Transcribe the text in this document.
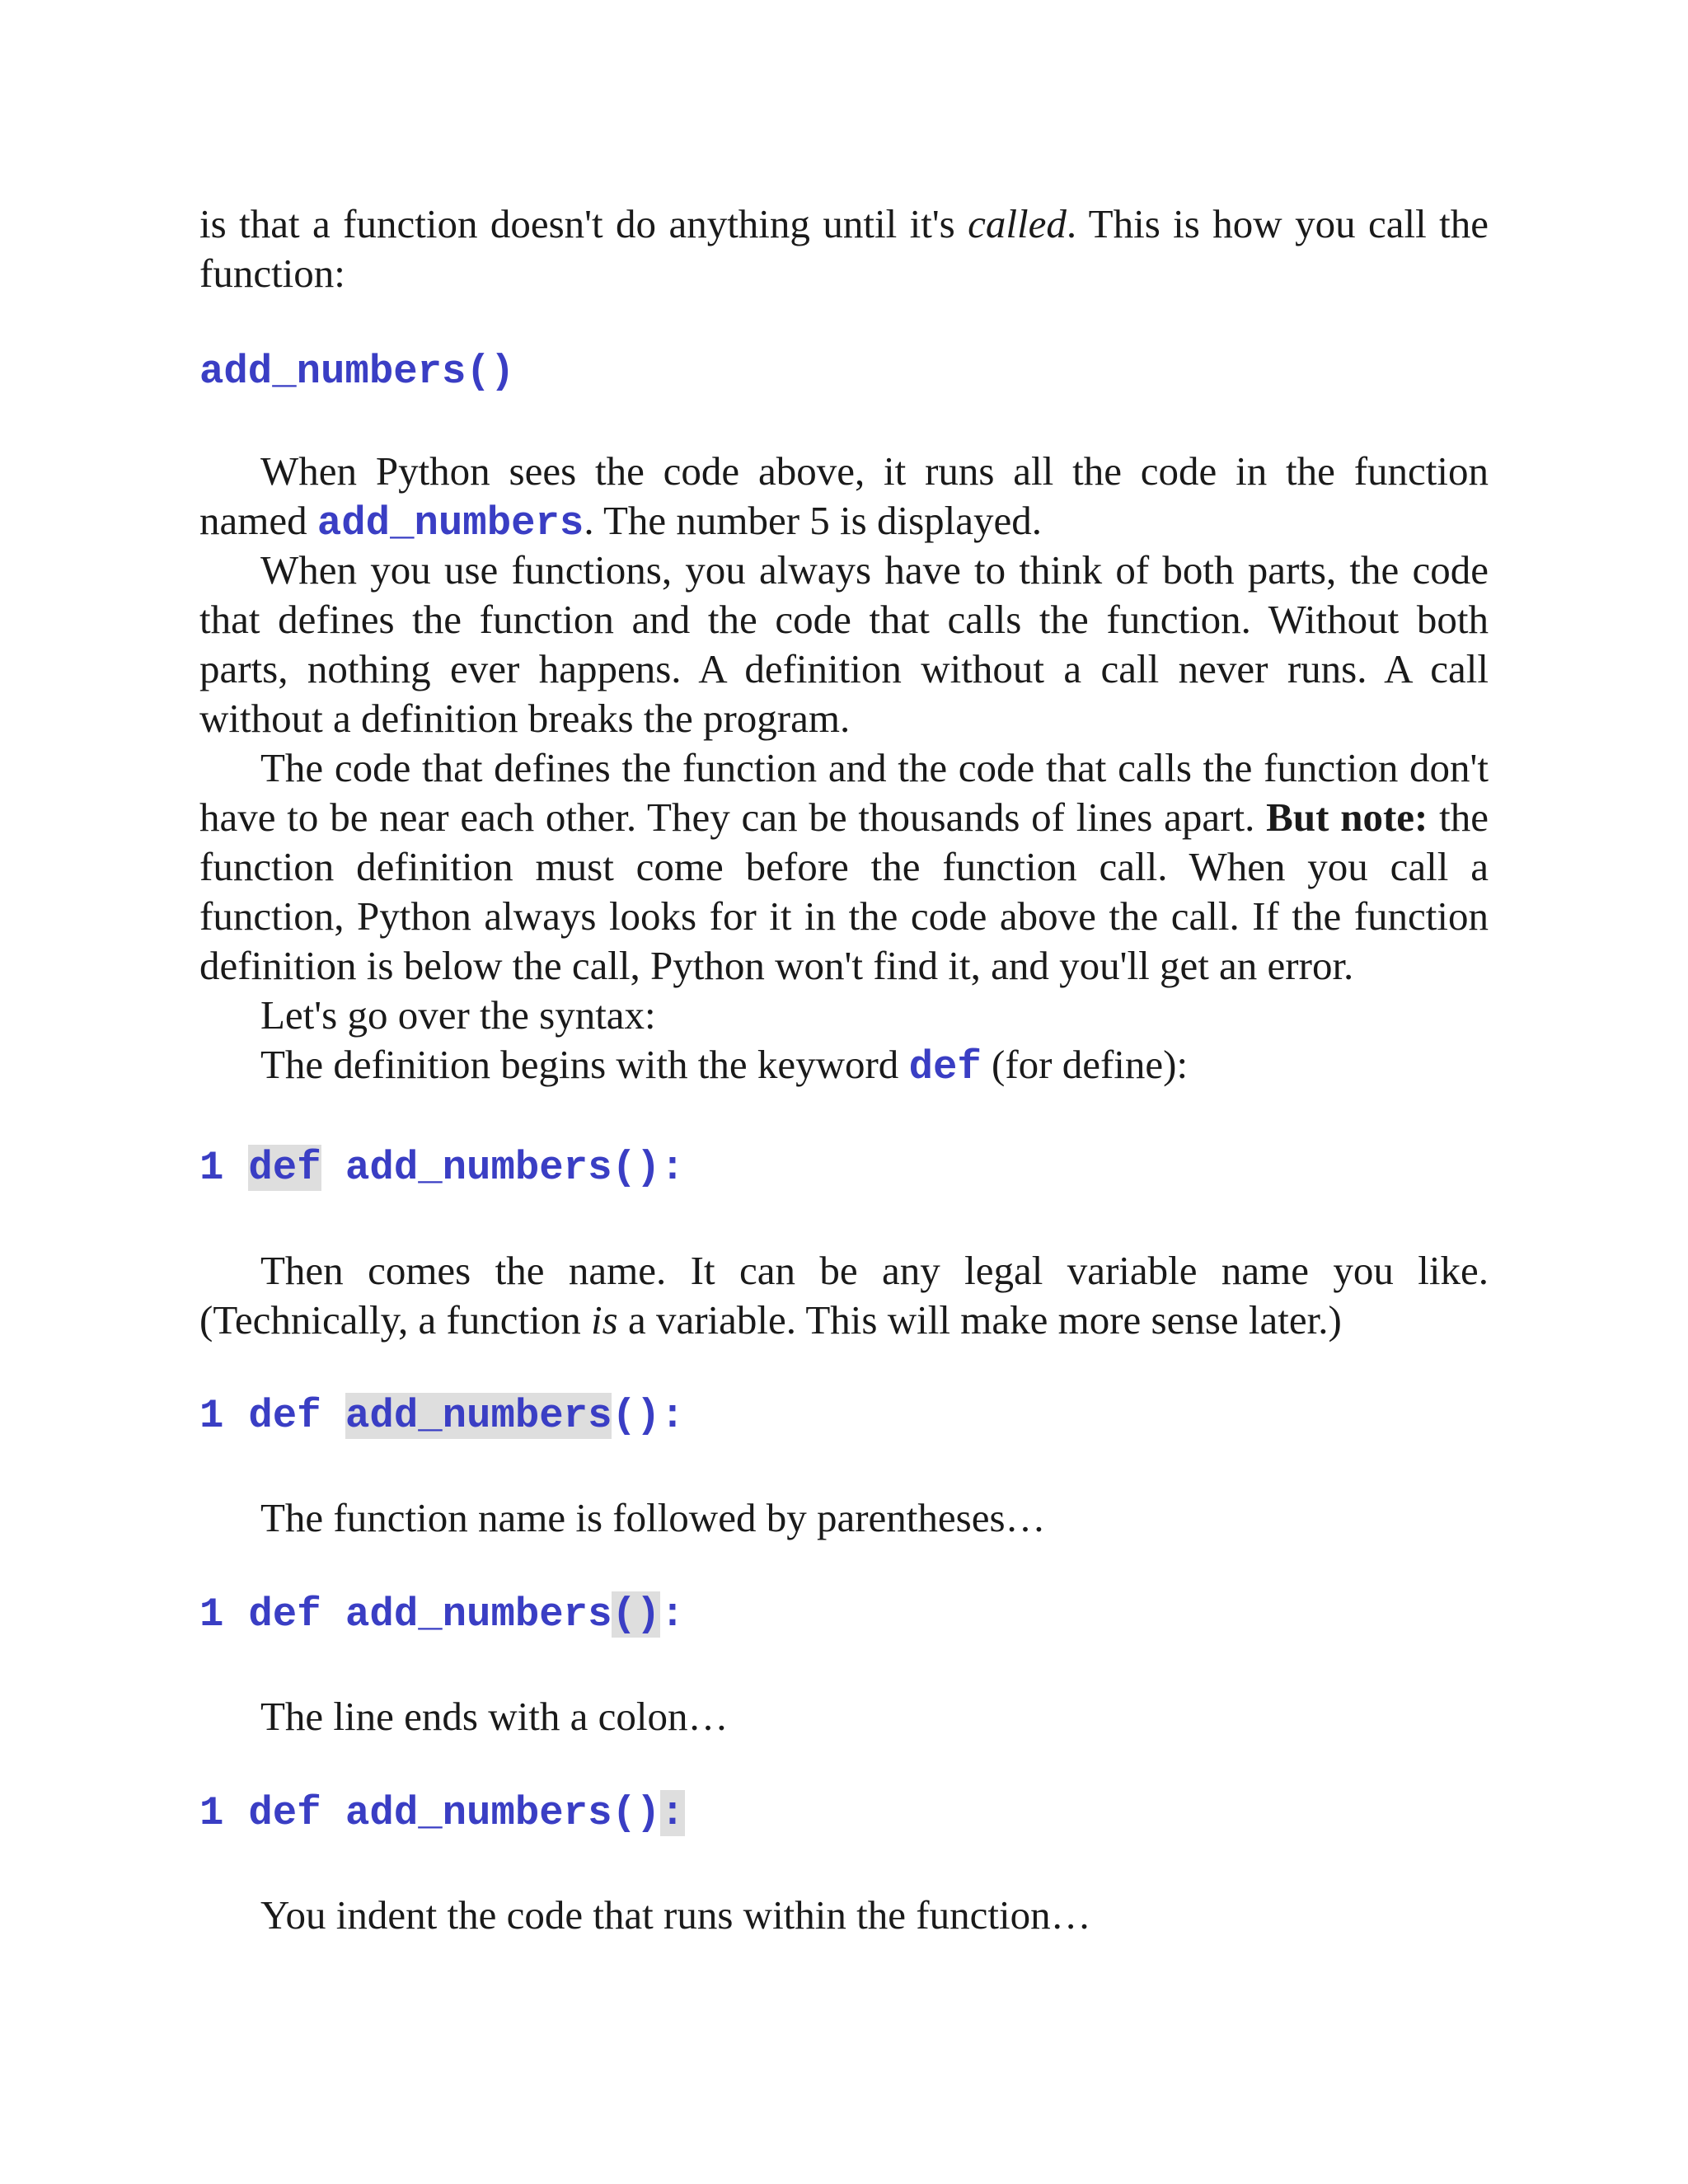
is that a function doesn't do anything until it's called. This is how you call the function:

add_numbers()

When Python sees the code above, it runs all the code in the function named add_numbers. The number 5 is displayed.

When you use functions, you always have to think of both parts, the code that defines the function and the code that calls the function. Without both parts, nothing ever happens. A definition without a call never runs. A call without a definition breaks the program.

The code that defines the function and the code that calls the function don't have to be near each other. They can be thousands of lines apart. But note: the function definition must come before the function call. When you call a function, Python always looks for it in the code above the call. If the function definition is below the call, Python won't find it, and you'll get an error.

Let's go over the syntax:

The definition begins with the keyword def (for define):

1 def add_numbers():

Then comes the name. It can be any legal variable name you like. (Technically, a function is a variable. This will make more sense later.)

1 def add_numbers():

The function name is followed by parentheses…

1 def add_numbers():

The line ends with a colon…

1 def add_numbers():

You indent the code that runs within the function…
